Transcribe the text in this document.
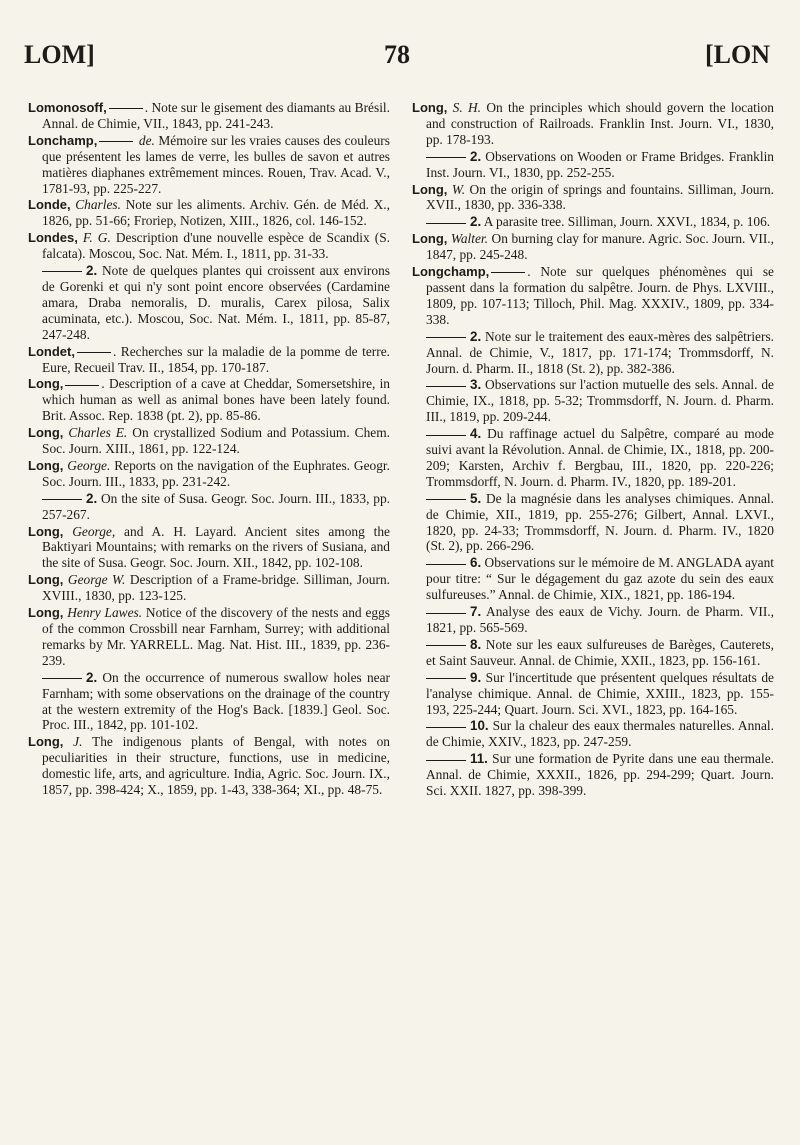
LOM]	78	[LON

Lomonosoff,	. Note sur le gisement des diamants au Brésil. Annal. de Chimie, VII., 1843, pp. 241-243.

Lonchamp,	de. Mémoire sur les vraies causes des couleurs que présentent les lames de verre, les bulles de savon et autres matières diaphanes extrêmement minces. Rouen, Trav. Acad. V., 1781-93, pp. 225-227.

Londe, Charles. Note sur les aliments. Archiv. Gén. de Méd. X., 1826, pp. 51-66; Froriep, Notizen, XIII., 1826, col. 146-152.

Londes, F. G. Description d'une nouvelle espèce de Scandix (S. falcata). Moscou, Soc. Nat. Mém. I., 1811, pp. 31-33.

2. Note de quelques plantes qui croissent aux environs de Gorenki et qui n'y sont point encore observées (Cardamine amara, Draba nemoralis, D. muralis, Carex pilosa, Salix acuminata, etc.). Moscou, Soc. Nat. Mém. I., 1811, pp. 85-87, 247-248.

Londet,	. Recherches sur la maladie de la pomme de terre. Eure, Recueil Trav. II., 1854, pp. 170-187.

Long,	. Description of a cave at Cheddar, Somersetshire, in which human as well as animal bones have been lately found. Brit. Assoc. Rep. 1838 (pt. 2), pp. 85-86.

Long, Charles E. On crystallized Sodium and Potassium. Chem. Soc. Journ. XIII., 1861, pp. 122-124.

Long, George. Reports on the navigation of the Euphrates. Geogr. Soc. Journ. III., 1833, pp. 231-242.

2. On the site of Susa. Geogr. Soc. Journ. III., 1833, pp. 257-267.

Long, George, and A. H. Layard. Ancient sites among the Baktiyari Mountains; with remarks on the rivers of Susiana, and the site of Susa. Geogr. Soc. Journ. XII., 1842, pp. 102-108.

Long, George W. Description of a Frame-bridge. Silliman, Journ. XVIII., 1830, pp. 123-125.

Long, Henry Lawes. Notice of the discovery of the nests and eggs of the common Crossbill near Farnham, Surrey; with additional remarks by Mr. YARRELL. Mag. Nat. Hist. III., 1839, pp. 236-239.

2. On the occurrence of numerous swallow holes near Farnham; with some observations on the drainage of the country at the western extremity of the Hog's Back. [1839.] Geol. Soc. Proc. III., 1842, pp. 101-102.

Long, J. The indigenous plants of Bengal, with notes on peculiarities in their structure, functions, use in medicine, domestic life, arts, and agriculture. India, Agric. Soc. Journ. IX., 1857, pp. 398-424; X., 1859, pp. 1-43, 338-364; XI., pp. 48-75.

Long, S. H. On the principles which should govern the location and construction of Railroads. Franklin Inst. Journ. VI., 1830, pp. 178-193.

2. Observations on Wooden or Frame Bridges. Franklin Inst. Journ. VI., 1830, pp. 252-255.

Long, W. On the origin of springs and fountains. Silliman, Journ. XVII., 1830, pp. 336-338.

2. A parasite tree. Silliman, Journ. XXVI., 1834, p. 106.

Long, Walter. On burning clay for manure. Agric. Soc. Journ. VII., 1847, pp. 245-248.

Longchamp,	. Note sur quelques phénomènes qui se passent dans la formation du salpêtre. Journ. de Phys. LXVIII., 1809, pp. 107-113; Tilloch, Phil. Mag. XXXIV., 1809, pp. 334-338.

2. Note sur le traitement des eaux-mères des salpêtriers. Annal. de Chimie, V., 1817, pp. 171-174; Trommsdorff, N. Journ. d. Pharm. II., 1818 (St. 2), pp. 382-386.

3. Observations sur l'action mutuelle des sels. Annal. de Chimie, IX., 1818, pp. 5-32; Trommsdorff, N. Journ. d. Pharm. III., 1819, pp. 209-244.

4. Du raffinage actuel du Salpêtre, comparé au mode suivi avant la Révolution. Annal. de Chimie, IX., 1818, pp. 200-209; Karsten, Archiv f. Bergbau, III., 1820, pp. 220-226; Trommsdorff, N. Journ. d. Pharm. IV., 1820, pp. 189-201.

5. De la magnésie dans les analyses chimiques. Annal. de Chimie, XII., 1819, pp. 255-276; Gilbert, Annal. LXVI., 1820, pp. 24-33; Trommsdorff, N. Journ. d. Pharm. IV., 1820 (St. 2), pp. 266-296.

6. Observations sur le mémoire de M. ANGLADA ayant pour titre: “ Sur le dégagement du gaz azote du sein des eaux sulfureuses.” Annal. de Chimie, XIX., 1821, pp. 186-194.

7. Analyse des eaux de Vichy. Journ. de Pharm. VII., 1821, pp. 565-569.

8. Note sur les eaux sulfureuses de Barèges, Cauterets, et Saint Sauveur. Annal. de Chimie, XXII., 1823, pp. 156-161.

9. Sur l'incertitude que présentent quelques résultats de l'analyse chimique. Annal. de Chimie, XXIII., 1823, pp. 155-193, 225-244; Quart. Journ. Sci. XVI., 1823, pp. 164-165.

10. Sur la chaleur des eaux thermales naturelles. Annal. de Chimie, XXIV., 1823, pp. 247-259.

11. Sur une formation de Pyrite dans une eau thermale. Annal. de Chimie, XXXII., 1826, pp. 294-299; Quart. Journ. Sci. XXII. 1827, pp. 398-399.
